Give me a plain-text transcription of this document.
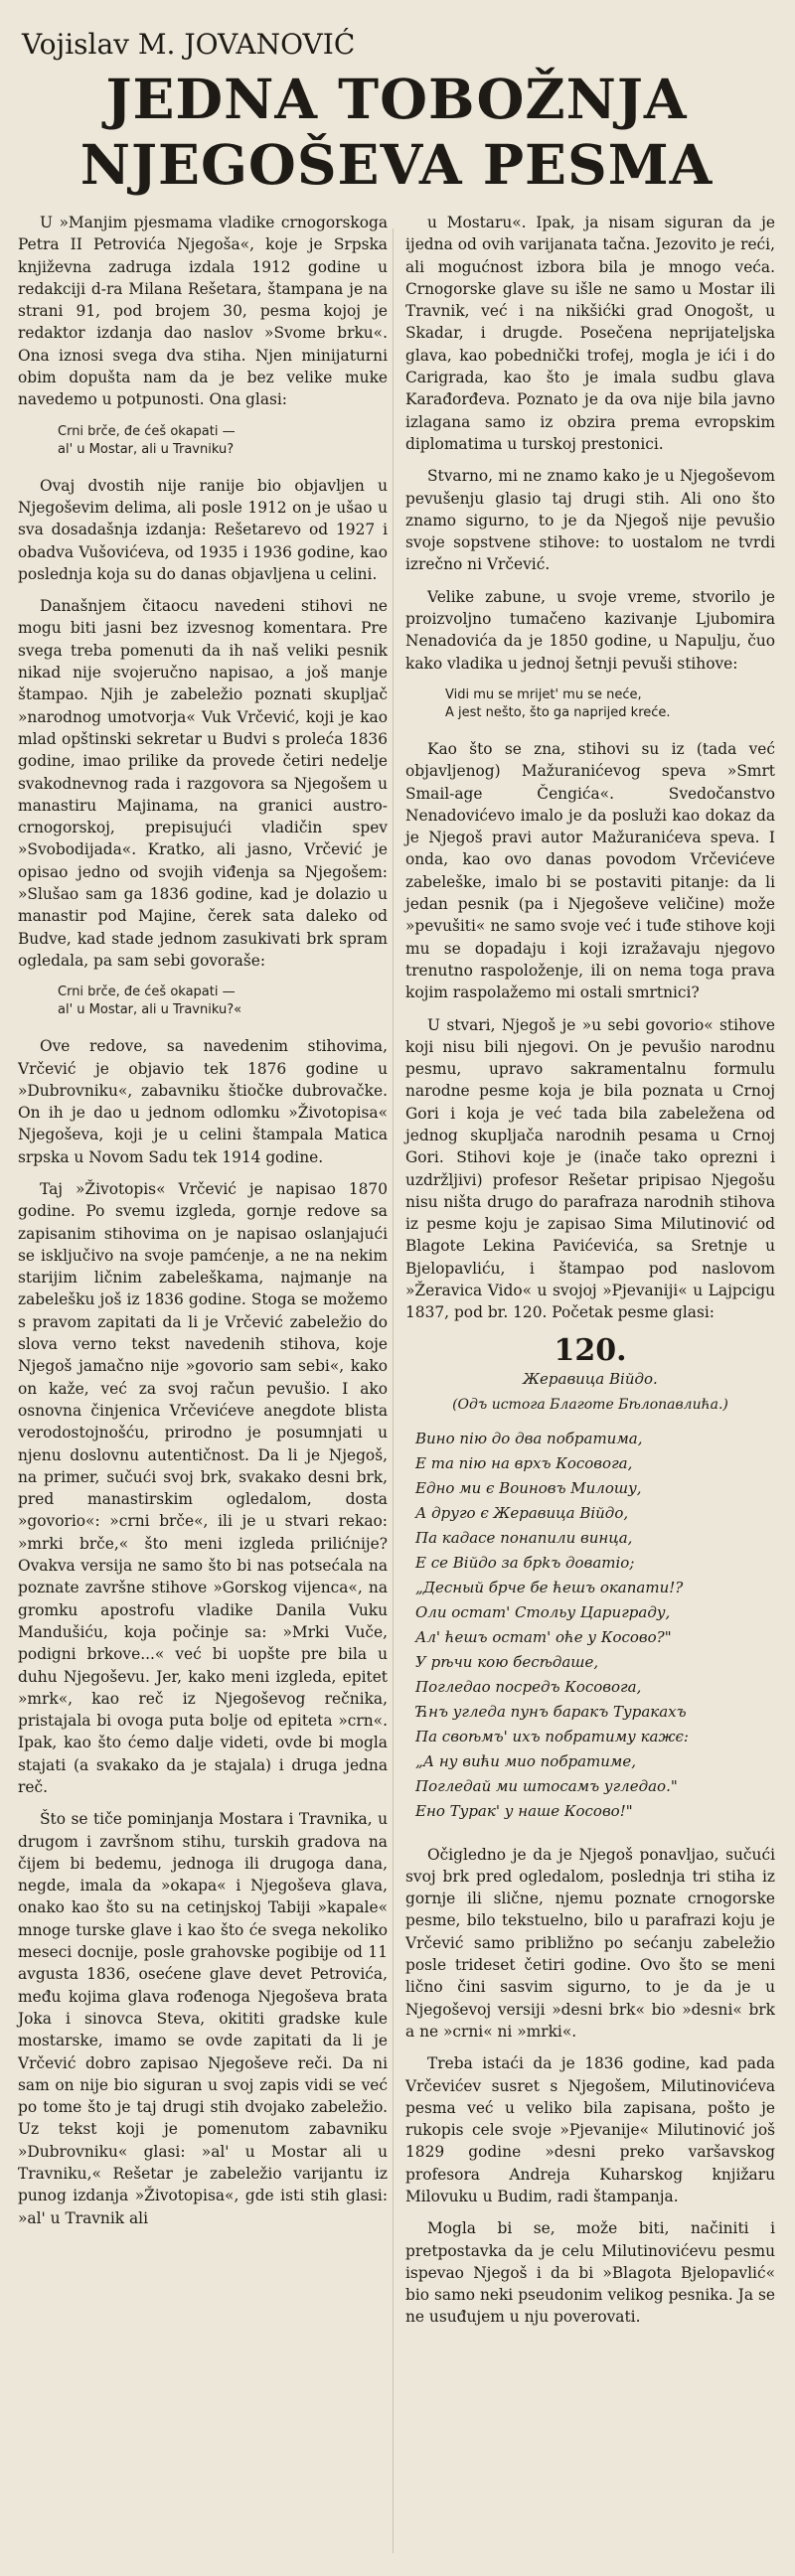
Vojislav M. JOVANOVIĆ
JEDNA TOBOŽNJA
NJEGOŠEVA PESMA

U »Manjim pjesmama vladike crnogorskoga Petra II Petrovića Njegoša«, koje je Srpska književna zadruga izdala 1912 godine u redakciji d-ra Milana Rešetara, štampana je na strani 91, pod brojem 30, pesma kojoj je redaktor izdanja dao naslov »Svome brku«. Ona iznosi svega dva stiha. Njen minijaturni obim dopušta nam da je bez velike muke navedemo u potpunosti. Ona glasi:

Crni brče, đe ćeš okapati —
al' u Mostar, ali u Travniku?

Ovaj dvostih nije ranije bio objavljen u Njegoševim delima, ali posle 1912 on je ušao u sva dosadašnja izdanja: Rešetarevo od 1927 i obadva Vušovićeva, od 1935 i 1936 godine, kao poslednja koja su do danas objavljena u celini.

Današnjem čitaocu navedeni stihovi ne mogu biti jasni bez izvesnog komentara. Pre svega treba pomenuti da ih naš veliki pesnik nikad nije svojeručno napisao, a još manje štampao. Njih je zabeležio poznati skupljač »narodnog umotvorja« Vuk Vrčević, koji je kao mlad opštinski sekretar u Budvi s proleća 1836 godine, imao prilike da provede četiri nedelje svakodnevnog rada i razgovora sa Njegošem u manastiru Majinama, na granici austro-crnogorskoj, prepisujući vladičin spev »Svobodijada«. Kratko, ali jasno, Vrčević je opisao jedno od svojih viđenja sa Njegošem: »Slušao sam ga 1836 godine, kad je dolazio u manastir pod Majine, čerek sata daleko od Budve, kad stade jednom zasukivati brk spram ogledala, pa sam sebi govoraše:

Crni brče, đe ćeš okapati —
al' u Mostar, ali u Travniku?«

Ove redove, sa navedenim stihovima, Vrčević je objavio tek 1876 godine u »Dubrovniku«, zabavniku štiočke dubrovačke. On ih je dao u jednom odlomku »Životopisa« Njegoševa, koji je u celini štampala Matica srpska u Novom Sadu tek 1914 godine.

Taj »Životopis« Vrčević je napisao 1870 godine. Po svemu izgleda, gornje redove sa zapisanim stihovima on je napisao oslanjajući se isključivo na svoje pamćenje, a ne na nekim starijim ličnim zabeleškama, najmanje na zabelešku još iz 1836 godine. Stoga se možemo s pravom zapitati da li je Vrčević zabeležio do slova verno tekst navedenih stihova, koje Njegoš jamačno nije »govorio sam sebi«, kako on kaže, već za svoj račun pevušio. I ako osnovna činjenica Vrčevićeve anegdote blista verodostojnošću, prirodno je posumnjati u njenu doslovnu autentičnost. Da li je Njegoš, na primer, sučući svoj brk, svakako desni brk, pred manastirskim ogledalom, dosta »govorio«: »crni brče«, ili je u stvari rekao: »mrki brče,« što meni izgleda prilićnije? Ovakva versija ne samo što bi nas potsećala na poznate završne stihove »Gorskog vijenca«, na gromku apostrofu vladike Danila Vuku Mandušiću, koja počinje sa: »Mrki Vuče, podigni brkove...« već bi uopšte pre bila u duhu Njegoševu. Jer, kako meni izgleda, epitet »mrk«, kao reč iz Njegoševog rečnika, pristajala bi ovoga puta bolje od epiteta »crn«. Ipak, kao što ćemo dalje videti, ovde bi mogla stajati (a svakako da je stajala) i druga jedna reč.

Što se tiče pominjanja Mostara i Travnika, u drugom i završnom stihu, turskih gradova na čijem bi bedemu, jednoga ili drugoga dana, negde, imala da »okapa« i Njegoševa glava, onako kao što su na cetinjskoj Tabiji »kapale« mnoge turske glave i kao što će svega nekoliko meseci docnije, posle grahovske pogibije od 11 avgusta 1836, osećene glave devet Petrovića, među kojima glava rođenoga Njegoševa brata Joka i sinovca Steva, okititi gradske kule mostarske, imamo se ovde zapitati da li je Vrčević dobro zapisao Njegoševe reči. Da ni sam on nije bio siguran u svoj zapis vidi se već po tome što je taj drugi stih dvojako zabeležio. Uz tekst koji je pomenutom zabavniku »Dubrovniku« glasi: »al' u Mostar ali u Travniku,« Rešetar je zabeležio varijantu iz punog izdanja »Životopisa«, gde isti stih glasi: »al' u Travnik ali

u Mostaru«. Ipak, ja nisam siguran da je ijedna od ovih varijanata tačna. Jezovito je reći, ali mogućnost izbora bila je mnogo veća. Crnogorske glave su išle ne samo u Mostar ili Travnik, već i na nikšićki grad Onogošt, u Skadar, i drugde. Posečena neprijateljska glava, kao pobednički trofej, mogla je ići i do Carigrada, kao što je imala sudbu glava Karađorđeva. Poznato je da ova nije bila javno izlagana samo iz obzira prema evropskim diplomatima u turskoj prestonici.

Stvarno, mi ne znamo kako je u Njegoševom pevušenju glasio taj drugi stih. Ali ono što znamo sigurno, to je da Njegoš nije pevušio svoje sopstvene stihove: to uostalom ne tvrdi izrečno ni Vrčević.

Velike zabune, u svoje vreme, stvorilo je proizvoljno tumačeno kazivanje Ljubomira Nenadovića da je 1850 godine, u Napulju, čuo kako vladika u jednoj šetnji pevuši stihove:

Vidi mu se mrijet' mu se neće,
A jest nešto, što ga naprijed kreće.

Kao što se zna, stihovi su iz (tada već objavljenog) Mažuranićevog speva »Smrt Smail-age Čengića«. Svedočanstvo Nenadovićevo imalo je da posluži kao dokaz da je Njegoš pravi autor Mažuranićeva speva. I onda, kao ovo danas povodom Vrčevićeve zabeleške, imalo bi se postaviti pitanje: da li jedan pesnik (pa i Njegoševe veličine) može »pevušiti« ne samo svoje već i tuđe stihove koji mu se dopadaju i koji izražavaju njegovo trenutno raspoloženje, ili on nema toga prava kojim raspolažemo mi ostali smrtnici?

U stvari, Njegoš je »u sebi govorio« stihove koji nisu bili njegovi. On je pevušio narodnu pesmu, upravo sakramentalnu formulu narodne pesme koja je bila poznata u Crnoj Gori i koja je već tada bila zabeležena od jednog skupljača narodnih pesama u Crnoj Gori. Stihovi koje je (inače tako oprezni i uzdržljivi) profesor Rešetar pripisao Njegošu nisu ništa drugo do parafraza narodnih stihova iz pesme koju je zapisao Sima Milutinović od Blagote Lekina Pavićevića, sa Sretnje u Bjelopavliću, i štampao pod naslovom »Žeravica Vido« u svojoj »Pjevaniji« u Lajpcigu 1837, pod br. 120. Početak pesme glasi:

120.
Жеравица Війдо.
(Одъ истога Благоте Бѣлопавлића.)
Вино пію до два побратима,
Е та пію на врхъ Косовогa,
Едно ми є Воиновъ Милошу,
А друго є Жеравица Війдо,
Па кадасе понапили винца,
Е се Війдо за брkъ доватіо;
„Десный брче бе ћешъ окапати!?
Оли остат' Стольу Цариграду,
Ал' ћешъ остат' оће у Косово?"
У рѣчи кою бесѣдаше,
Погледао посредъ Косовогa,
Ћнъ угледа пунъ баракъ Туракахъ
Па своѣмъ' ихъ побратиму кажє:
„А ну вићи мио побратиме,
Погледай ми штосамъ угледао."
Ено Турак' у наше Косово!"

Očigledno je da je Njegoš ponavljao, sučući svoj brk pred ogledalom, poslednja tri stiha iz gornje ili slične, njemu poznate crnogorske pesme, bilo tekstuelno, bilo u parafrazi koju je Vrčević samo približno po sećanju zabeležio posle trideset četiri godine. Ovo što se meni lično čini sasvim sigurno, to je da je u Njegoševoj versiji »desni brk« bio »desni« brk a ne »crni« ni »mrki«.

Treba istaći da je 1836 godine, kad pada Vrčevićev susret s Njegošem, Milutinovićeva pesma već u veliko bila zapisana, pošto je rukopis cele svoje »Pjevanije« Milutinović još 1829 godine »desni preko varšavskog profesora Andreja Kuharskog knjižaru Milovuku u Budim, radi štampanja.

Mogla bi se, može biti, načiniti i pretpostavka da je celu Milutinovićevu pesmu ispevao Njegoš i da bi »Blagota Bjelopavlić« bio samo neki pseudonim velikog pesnika. Ja se ne usuđujem u nju poverovati.
